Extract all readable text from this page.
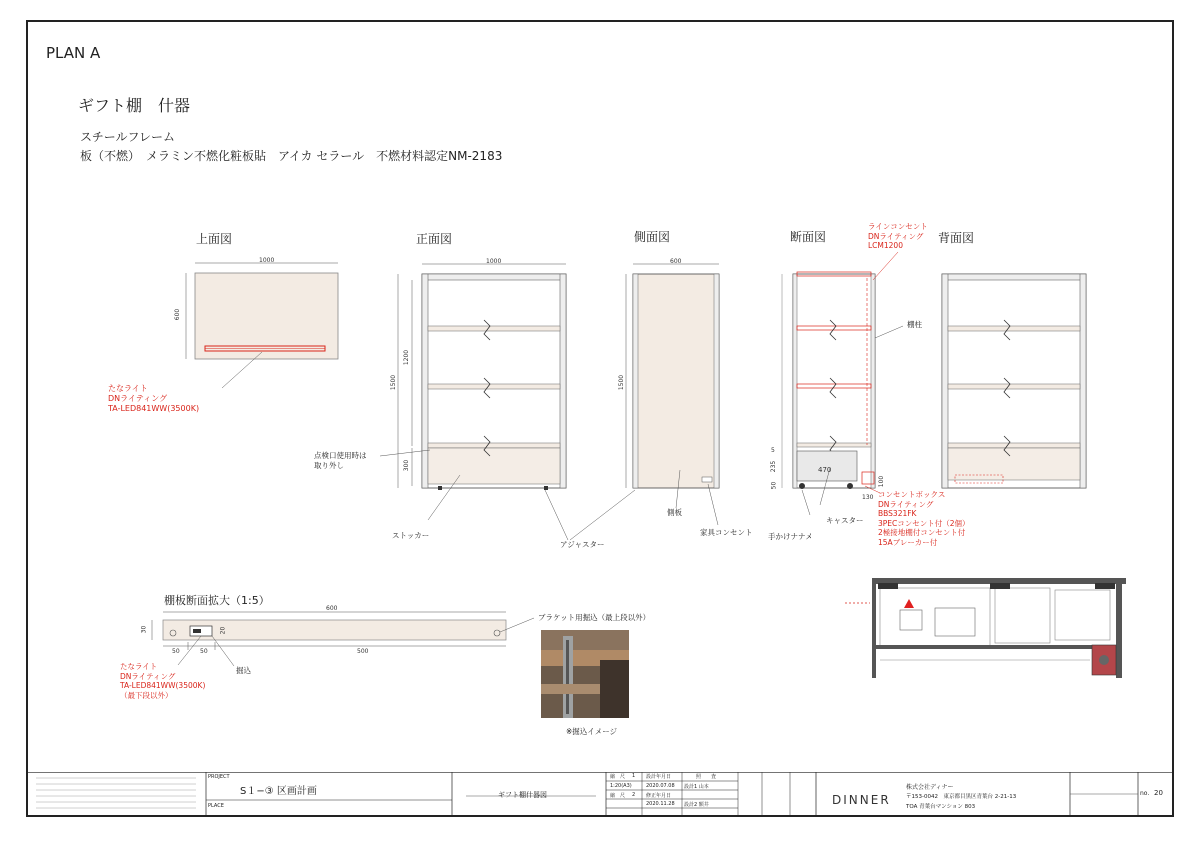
PLAN A
ギフト棚　什器
スチールフレーム
板（不燃）　メラミン不燃化粧板貼　アイカ セラール　不燃材料認定NM-2183
上面図	正面図	側面図	断面図	背面図
1000
600
1000
1500
1200
300
600
1500
5
235
50	100
470
130
600
30
50	50	500
20
たなライト
DNライティング
TA-LED841WW(3500K)
点検口使用時は
取り外し
ストッカー
アジャスター
側板
家具コンセント
ラインコンセント
DNライティング
LCM1200
棚柱
キャスター
手かけナナメ
コンセントボックス
DNライティング
BBS321FK
3PECコンセント付（2個）
2極接地棚付コンセント付
15Aブレーカー付
棚板断面拡大（1:5）
ブラケット用掘込（最上段以外）
掘込
※掘込イメージ
たなライト
DNライティング
TA-LED841WW(3500K)
（最下段以外）
PROJECT
S１−③ 区画計画
PLACE
ギフト棚什器図
縮　尺 1
1:20(A3)
縮　尺 2
設計年月日
2020.07.08
修正年月日
2020.11.28
照　　査
設計1 山本
設計2 額井	DINNER
株式会社ディナー
〒153-0042　東京都目黒区青葉台 2-21-13
TOA 青葉台マンション 803
no. 20
